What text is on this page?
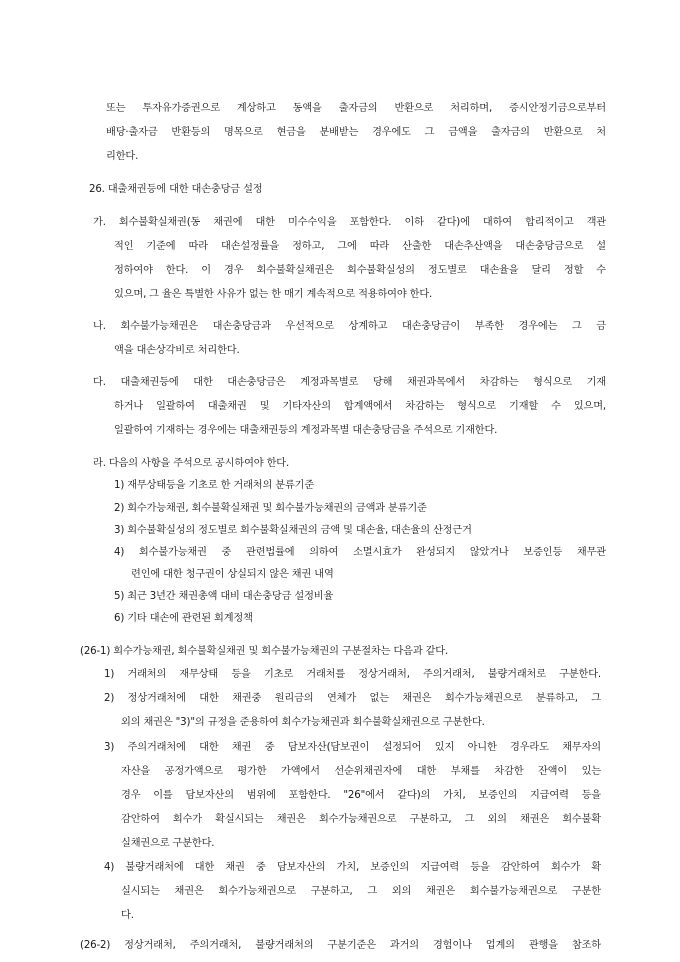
또는 투자유가증권으로 계상하고 동액을 출자금의 반환으로 처리하며, 증시안정기금으로부터
배당·출자금 반환등의 명목으로 현금을 분배받는 경우에도 그 금액을 출자금의 반환으로 처
리한다.
26. 대출채권등에 대한 대손충당금 설정
가. 회수불확실채권(동 채권에 대한 미수수익을 포함한다. 이하 같다)에 대하여 합리적이고 객관
적인 기준에 따라 대손설정률을 정하고, 그에 따라 산출한 대손추산액을 대손충당금으로 설
정하여야 한다. 이 경우 회수불확실채권은 회수불확실성의 정도별로 대손율을 달리 정할 수
있으며, 그 율은 특별한 사유가 없는 한 매기 계속적으로 적용하여야 한다.
나. 회수불가능채권은 대손충당금과 우선적으로 상계하고 대손충당금이 부족한 경우에는 그 금
액을 대손상각비로 처리한다.
다. 대출채권등에 대한 대손충당금은 계정과목별로 당해 채권과목에서 차감하는 형식으로 기재
하거나 일괄하여 대출채권 및 기타자산의 합계액에서 차감하는 형식으로 기재할 수 있으며,
일괄하여 기재하는 경우에는 대출채권등의 계정과목별 대손충당금을 주석으로 기재한다.
라. 다음의 사항을 주석으로 공시하여야 한다.
1) 재무상태등을 기초로 한 거래처의 분류기준
2) 회수가능채권, 회수불확실채권 및 회수불가능채권의 금액과 분류기준
3) 회수불확실성의 정도별로 회수불확실채권의 금액 및 대손율, 대손율의 산정근거
4) 회수불가능채권 중 관련법률에 의하여 소멸시효가 완성되지 않았거나 보증인등 채무관
련인에 대한 청구권이 상실되지 않은 채권 내역
5) 최근 3년간 채권총액 대비 대손충당금 설정비율
6) 기타 대손에 관련된 회계정책
(26-1) 회수가능채권, 회수불확실채권 및 회수불가능채권의 구분절차는 다음과 같다.
1) 거래처의 재무상태 등을 기초로 거래처를 정상거래처, 주의거래처, 불량거래처로 구분한다.
2) 정상거래처에 대한 채권중 원리금의 연체가 없는 채권은 회수가능채권으로 분류하고, 그
외의 채권은 "3)"의 규정을 준용하여 회수가능채권과 회수불확실채권으로 구분한다.
3) 주의거래처에 대한 채권 중 담보자산(담보권이 설정되어 있지 아니한 경우라도 채무자의
자산을 공정가액으로 평가한 가액에서 선순위채권자에 대한 부채를 차감한 잔액이 있는
경우 이를 담보자산의 범위에 포함한다. "26"에서 같다)의 가치, 보증인의 지급여력 등을
감안하여 회수가 확실시되는 채권은 회수가능채권으로 구분하고, 그 외의 채권은 회수불확
실채권으로 구분한다.
4) 불량거래처에 대한 채권 중 담보자산의 가치, 보증인의 지급여력 등을 감안하여 회수가 확
실시되는 채권은 회수가능채권으로 구분하고, 그 외의 채권은 회수불가능채권으로 구분한
다.
(26-2) 정상거래처, 주의거래처, 불량거래처의 구분기준은 과거의 경험이나 업계의 관행을 참조하
